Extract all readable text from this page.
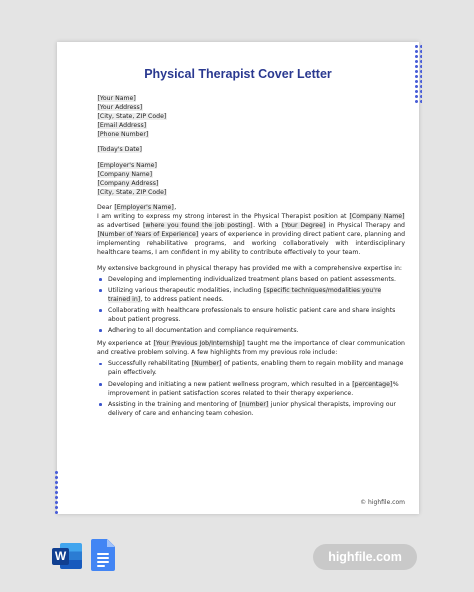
Physical Therapist Cover Letter

[Your Name]

[Your Address]

[City, State, ZIP Code]

[Email Address]

[Phone Number]

[Today's Date]

[Employer's Name]

[Company Name]

[Company Address]

[City, State, ZIP Code]

Dear [Employer's Name],

I am writing to express my strong interest in the Physical Therapist position at [Company Name] as advertised [where you found the job posting]. With a [Your Degree] in Physical Therapy and [Number of Years of Experience] years of experience in providing direct patient care, planning and implementing rehabilitative programs, and working collaboratively with interdisciplinary healthcare teams, I am confident in my ability to contribute effectively to your team.

My extensive background in physical therapy has provided me with a comprehensive expertise in:

Developing and implementing individualized treatment plans based on patient assessments.
Utilizing various therapeutic modalities, including [specific techniques/modalities you're trained in], to address patient needs.
Collaborating with healthcare professionals to ensure holistic patient care and share insights about patient progress.
Adhering to all documentation and compliance requirements.

My experience at [Your Previous Job/Internship] taught me the importance of clear communication and creative problem solving. A few highlights from my previous role include:

Successfully rehabilitating [Number] of patients, enabling them to regain mobility and manage pain effectively.
Developing and initiating a new patient wellness program, which resulted in a [percentage]% improvement in patient satisfaction scores related to their therapy experience.
Assisting in the training and mentoring of [number] junior physical therapists, improving our delivery of care and enhancing team cohesion.
© highfile.com
W	highfile.com
